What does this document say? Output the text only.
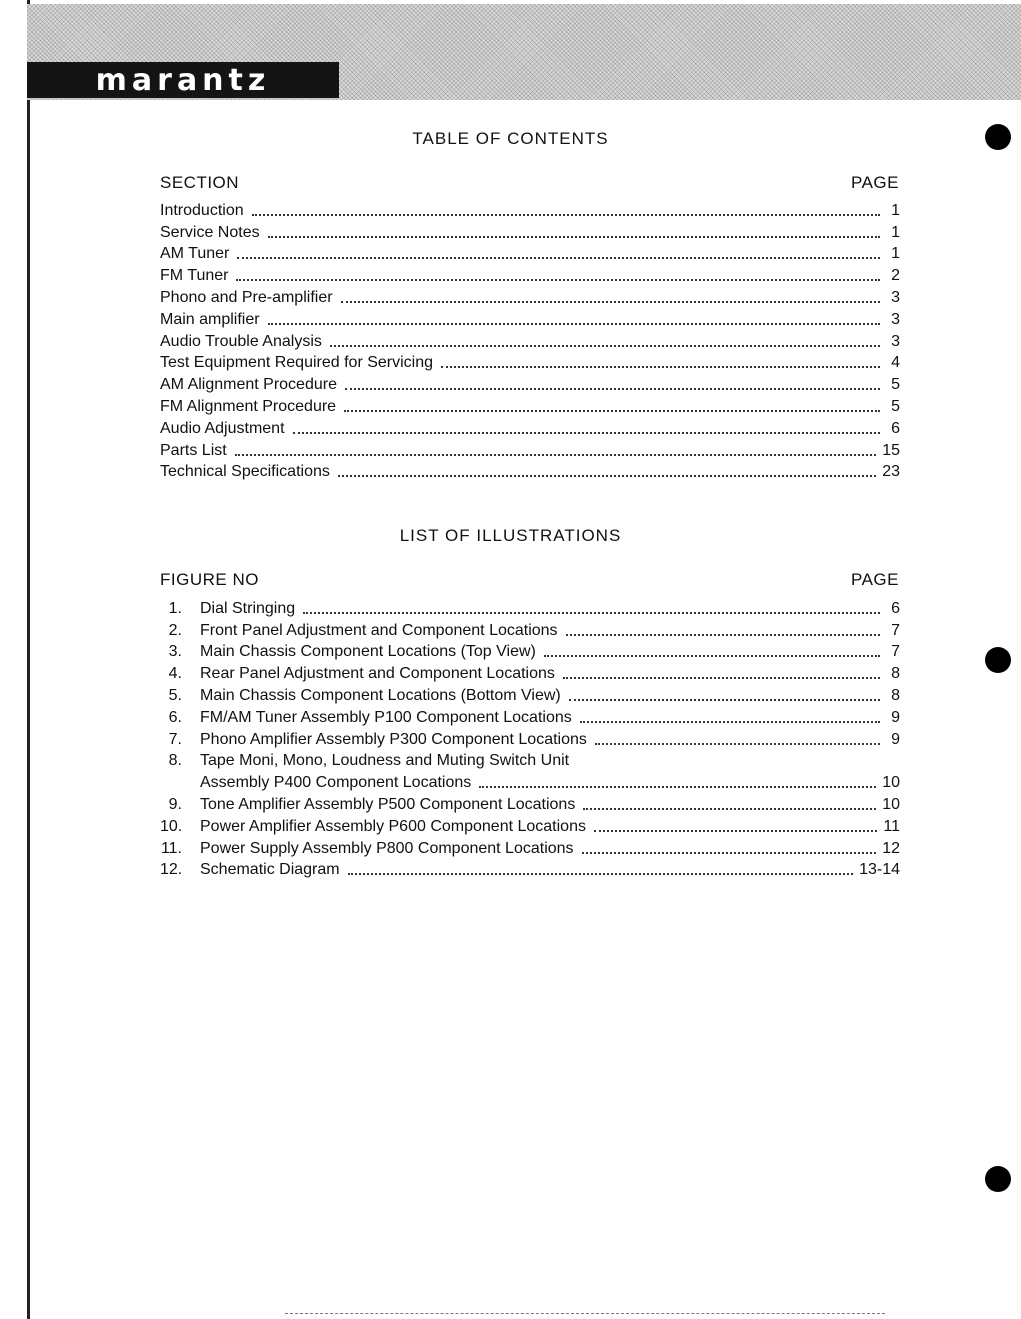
marantz
TABLE OF CONTENTS
SECTION	PAGE
Introduction	1
Service Notes	1
AM Tuner	1
FM Tuner	2
Phono and Pre-amplifier	3
Main amplifier	3
Audio Trouble Analysis	3
Test Equipment Required for Servicing	4
AM Alignment Procedure	5
FM Alignment Procedure	5
Audio Adjustment	6
Parts List	15
Technical Specifications	23
LIST OF ILLUSTRATIONS
FIGURE NO	PAGE
1. Dial Stringing	6
2. Front Panel Adjustment and Component Locations	7
3. Main Chassis Component Locations (Top View)	7
4. Rear Panel Adjustment and Component Locations	8
5. Main Chassis Component Locations (Bottom View)	8
6. FM/AM Tuner Assembly P100 Component Locations	9
7. Phono Amplifier Assembly P300 Component Locations	9
8. Tape Moni, Mono, Loudness and Muting Switch Unit
Assembly P400 Component Locations	10
9. Tone Amplifier Assembly P500 Component Locations	10
10. Power Amplifier Assembly P600 Component Locations	11
11. Power Supply Assembly P800 Component Locations	12
12. Schematic Diagram	13-14
